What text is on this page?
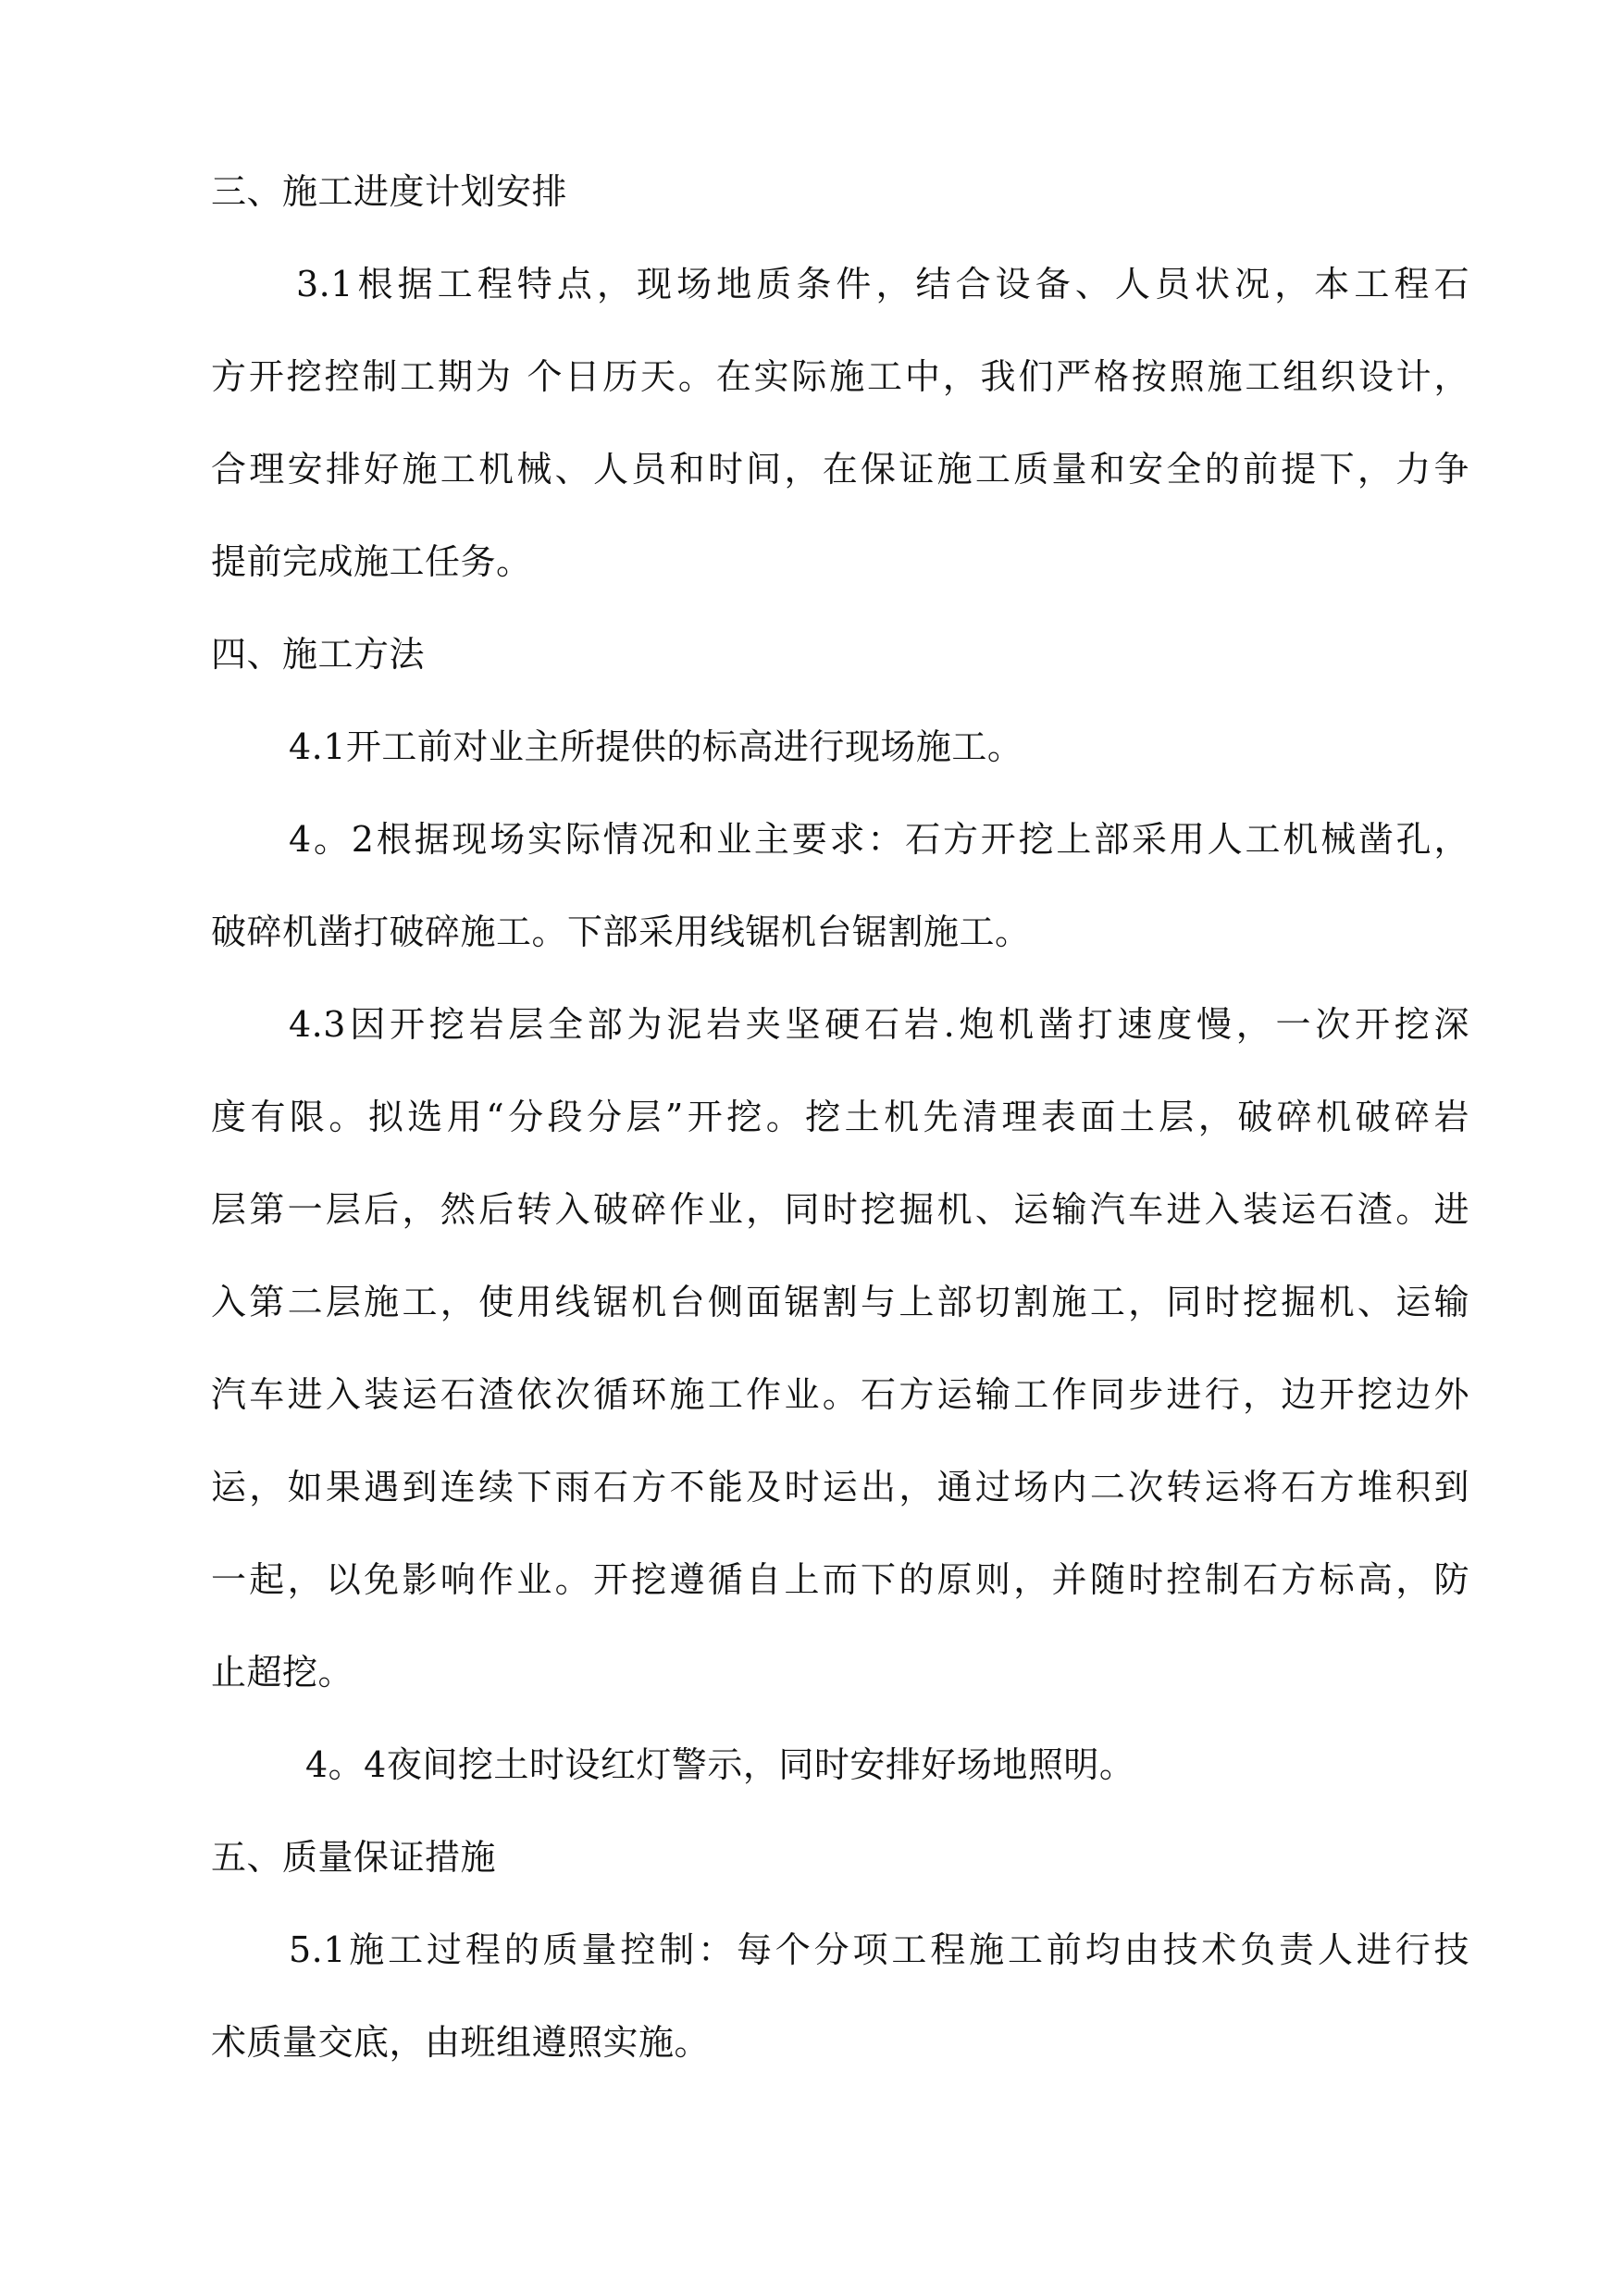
三、施工进度计划安排
3.1根据工程特点，现场地质条件，结合设备、人员状况，本工程石
方开挖控制工期为 个日历天。在实际施工中，我们严格按照施工组织设计，
合理安排好施工机械、人员和时间，在保证施工质量和安全的前提下，力争
提前完成施工任务。
四、施工方法
4.1开工前对业主所提供的标高进行现场施工。
4。2根据现场实际情况和业主要求：石方开挖上部采用人工机械凿孔，
破碎机凿打破碎施工。下部采用线锯机台锯割施工。
4.3因开挖岩层全部为泥岩夹坚硬石岩.炮机凿打速度慢，一次开挖深
度有限。拟选用“分段分层”开挖。挖土机先清理表面土层，破碎机破碎岩
层第一层后，然后转入破碎作业，同时挖掘机、运输汽车进入装运石渣。进
入第二层施工，使用线锯机台侧面锯割与上部切割施工，同时挖掘机、运输
汽车进入装运石渣依次循环施工作业。石方运输工作同步进行，边开挖边外
运，如果遇到连续下雨石方不能及时运出，通过场内二次转运将石方堆积到
一起，以免影响作业。开挖遵循自上而下的原则，并随时控制石方标高，防
止超挖。
4。4夜间挖土时设红灯警示，同时安排好场地照明。
五、质量保证措施
5.1施工过程的质量控制：每个分项工程施工前均由技术负责人进行技
术质量交底，由班组遵照实施。
